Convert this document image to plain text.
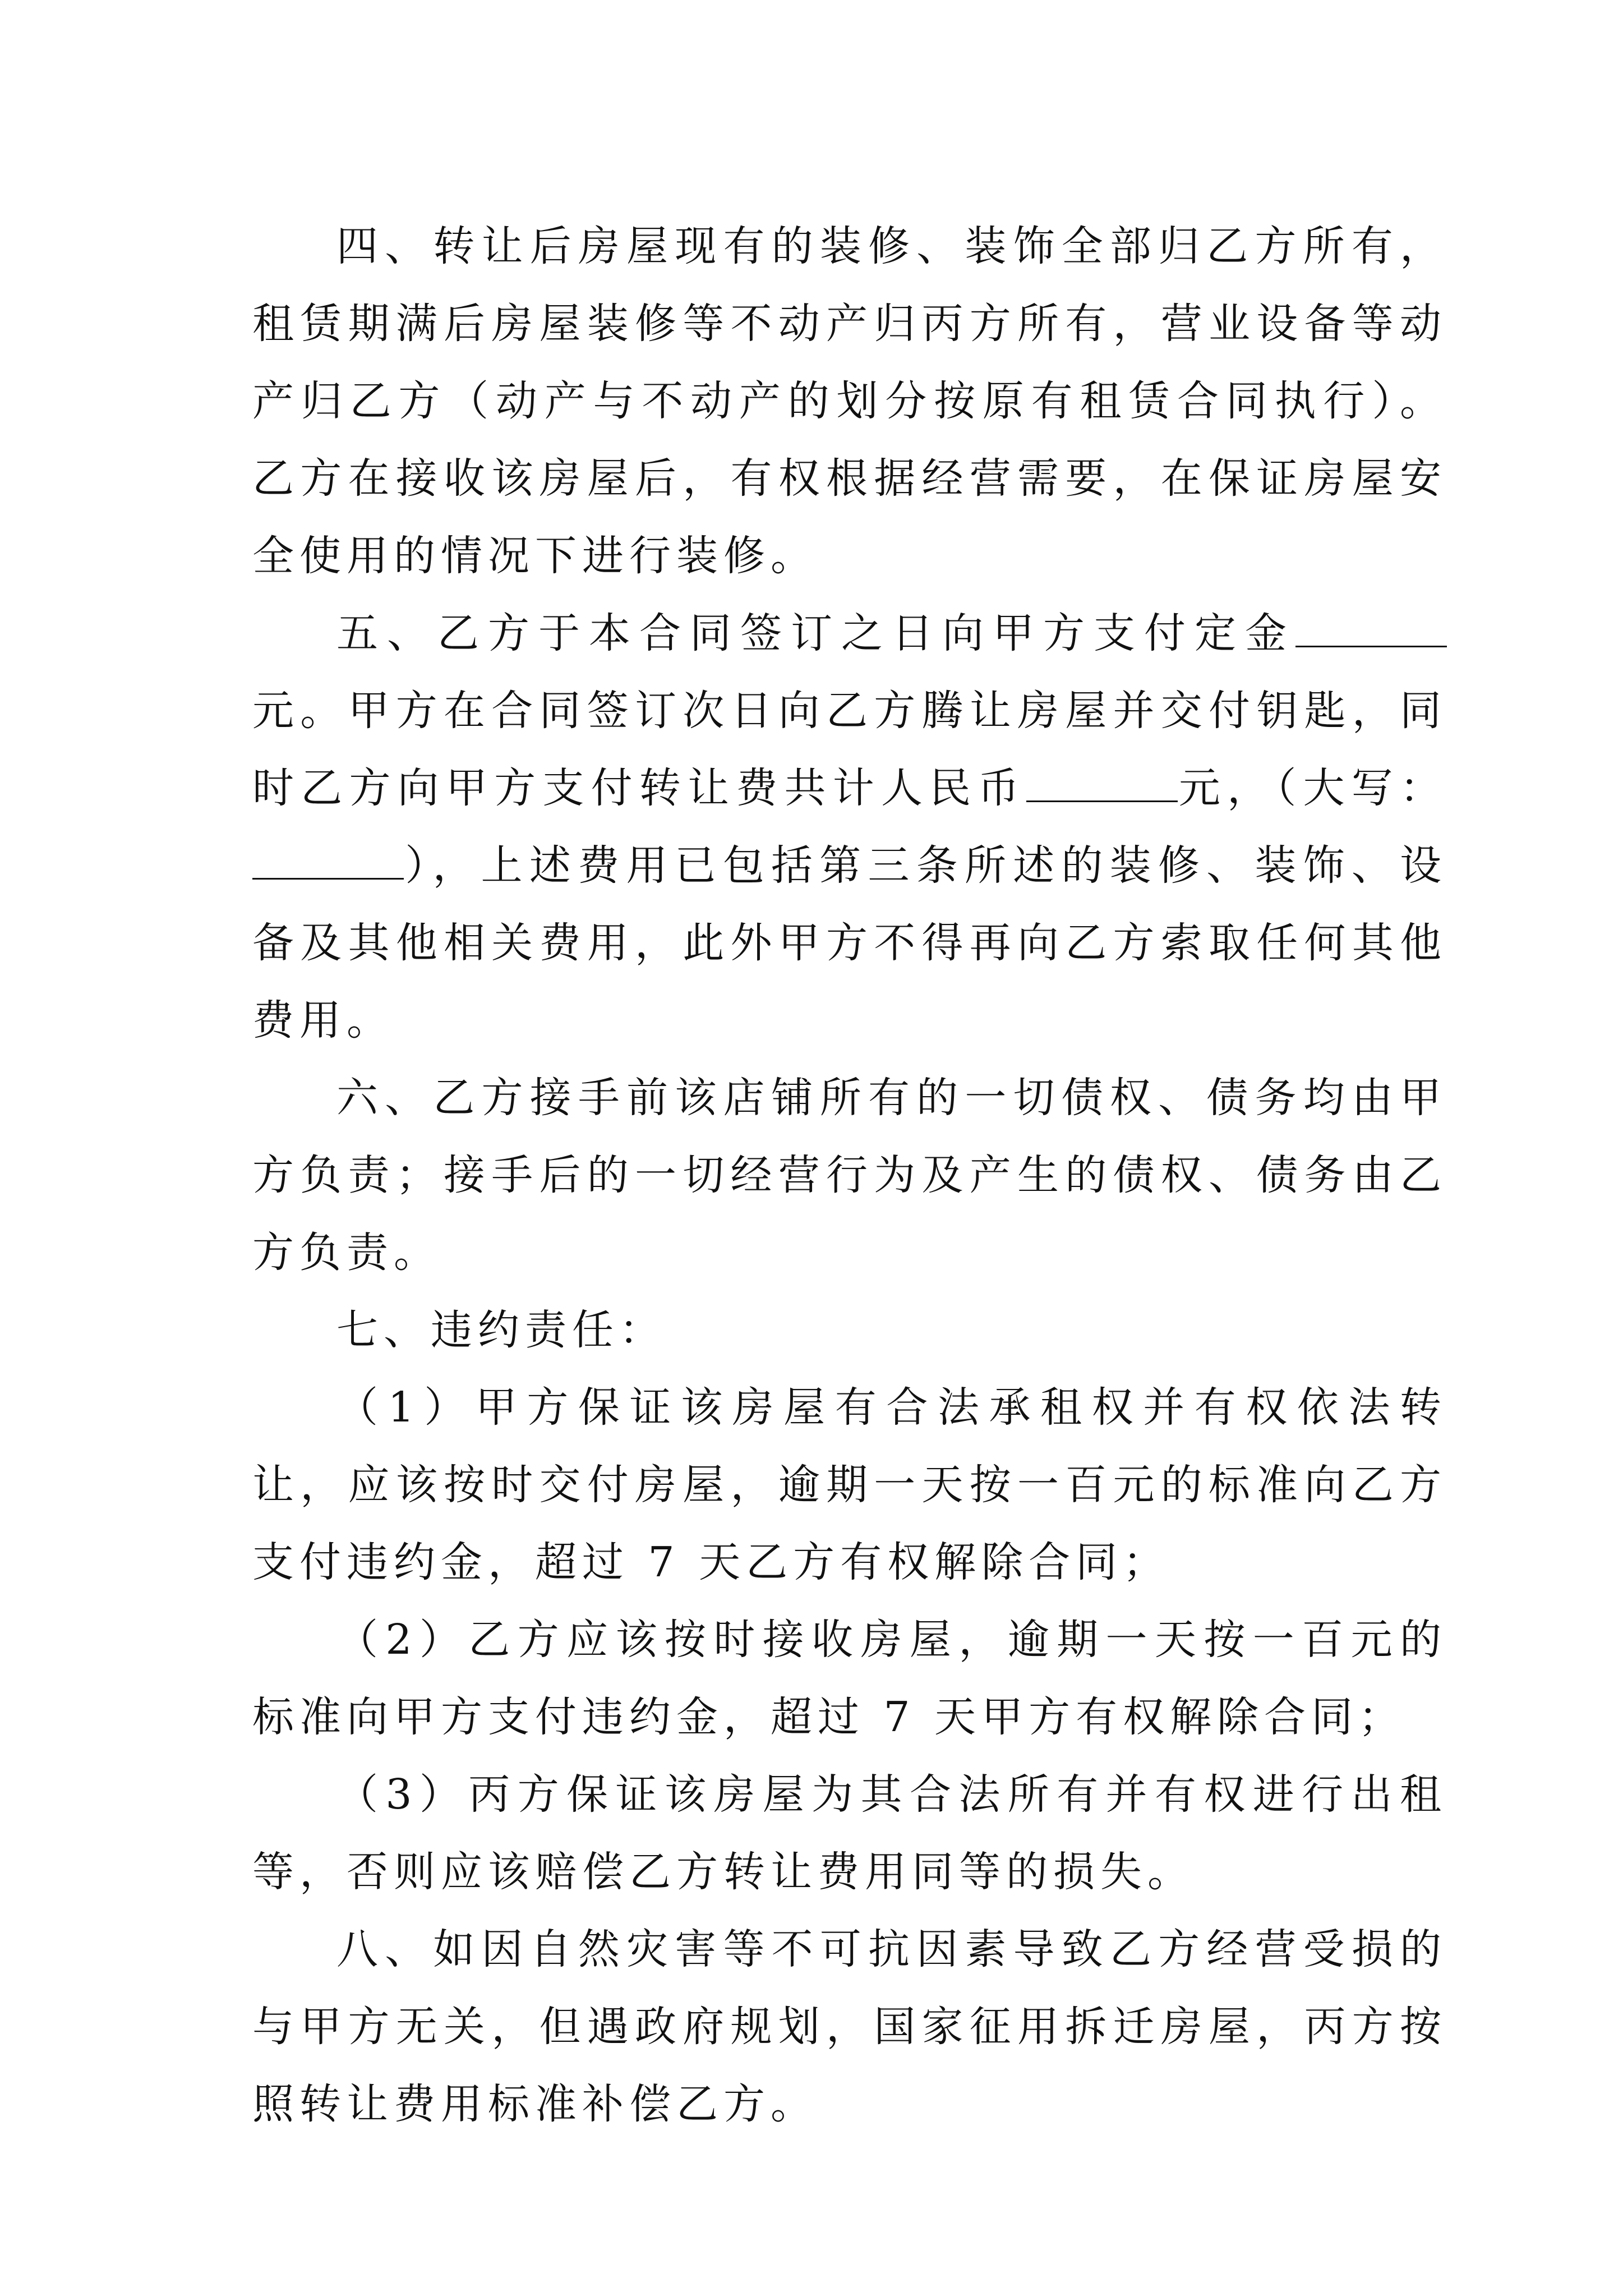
四、转让后房屋现有的装修、装饰全部归乙方所有，租赁期满后房屋装修等不动产归丙方所有，营业设备等动产归乙方（动产与不动产的划分按原有租赁合同执行）。乙方在接收该房屋后，有权根据经营需要，在保证房屋安全使用的情况下进行装修。

五、乙方于本合同签订之日向甲方支付定金元。甲方在合同签订次日向乙方腾让房屋并交付钥匙，同时乙方向甲方支付转让费共计人民币	元，（大写：），上述费用已包括第三条所述的装修、装饰、设备及其他相关费用，此外甲方不得再向乙方索取任何其他费用。

六、乙方接手前该店铺所有的一切债权、债务均由甲方负责；接手后的一切经营行为及产生的债权、债务由乙方负责。

七、违约责任：

（1）甲方保证该房屋有合法承租权并有权依法转让，应该按时交付房屋，逾期一天按一百元的标准向乙方支付违约金，超过 7 天乙方有权解除合同；

（2）乙方应该按时接收房屋，逾期一天按一百元的标准向甲方支付违约金，超过 7 天甲方有权解除合同；

（3）丙方保证该房屋为其合法所有并有权进行出租等，否则应该赔偿乙方转让费用同等的损失。

八、如因自然灾害等不可抗因素导致乙方经营受损的与甲方无关，但遇政府规划，国家征用拆迁房屋，丙方按照转让费用标准补偿乙方。
